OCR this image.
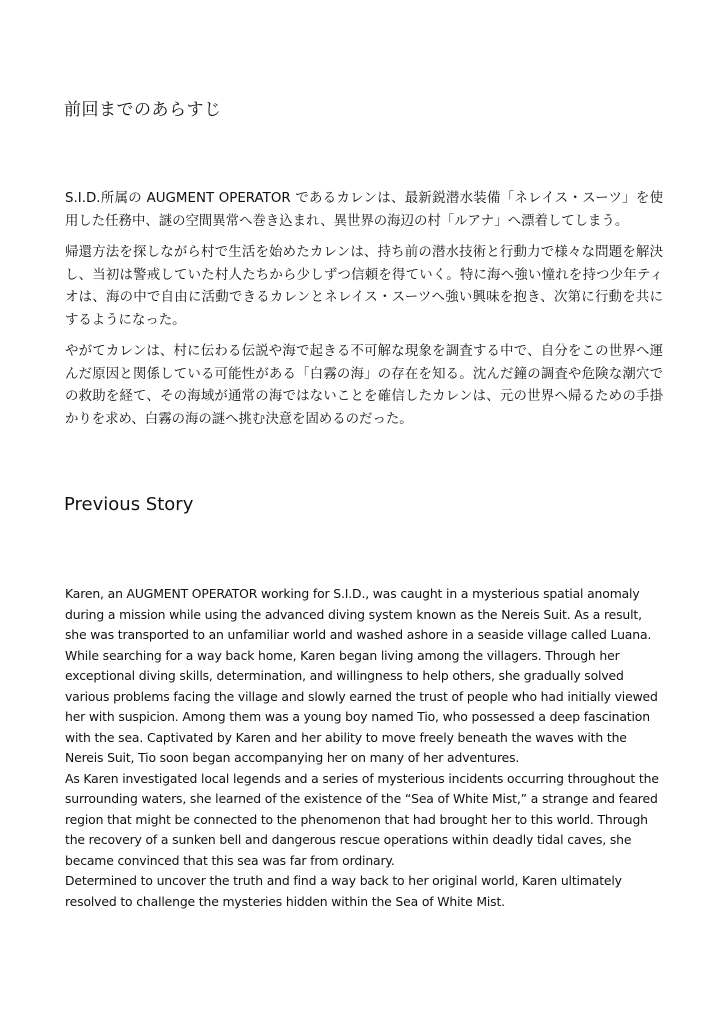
前回までのあらすじ

S.I.D.所属の AUGMENT OPERATOR であるカレンは、最新鋭潜水装備「ネレイス・スーツ」を使用した任務中、謎の空間異常へ巻き込まれ、異世界の海辺の村「ルアナ」へ漂着してしまう。

帰還方法を探しながら村で生活を始めたカレンは、持ち前の潜水技術と行動力で様々な問題を解決し、当初は警戒していた村人たちから少しずつ信頼を得ていく。特に海へ強い憧れを持つ少年ティオは、海の中で自由に活動できるカレンとネレイス・スーツへ強い興味を抱き、次第に行動を共にするようになった。

やがてカレンは、村に伝わる伝説や海で起きる不可解な現象を調査する中で、自分をこの世界へ運んだ原因と関係している可能性がある「白霧の海」の存在を知る。沈んだ鐘の調査や危険な潮穴での救助を経て、その海域が通常の海ではないことを確信したカレンは、元の世界へ帰るための手掛かりを求め、白霧の海の謎へ挑む決意を固めるのだった。

Previous Story

Karen, an AUGMENT OPERATOR working for S.I.D., was caught in a mysterious spatial anomaly during a mission while using the advanced diving system known as the Nereis Suit. As a result, she was transported to an unfamiliar world and washed ashore in a seaside village called Luana.

While searching for a way back home, Karen began living among the villagers. Through her exceptional diving skills, determination, and willingness to help others, she gradually solved various problems facing the village and slowly earned the trust of people who had initially viewed her with suspicion. Among them was a young boy named Tio, who possessed a deep fascination with the sea. Captivated by Karen and her ability to move freely beneath the waves with the Nereis Suit, Tio soon began accompanying her on many of her adventures.

As Karen investigated local legends and a series of mysterious incidents occurring throughout the surrounding waters, she learned of the existence of the “Sea of White Mist,” a strange and feared region that might be connected to the phenomenon that had brought her to this world. Through the recovery of a sunken bell and dangerous rescue operations within deadly tidal caves, she became convinced that this sea was far from ordinary.

Determined to uncover the truth and find a way back to her original world, Karen ultimately resolved to challenge the mysteries hidden within the Sea of White Mist.
